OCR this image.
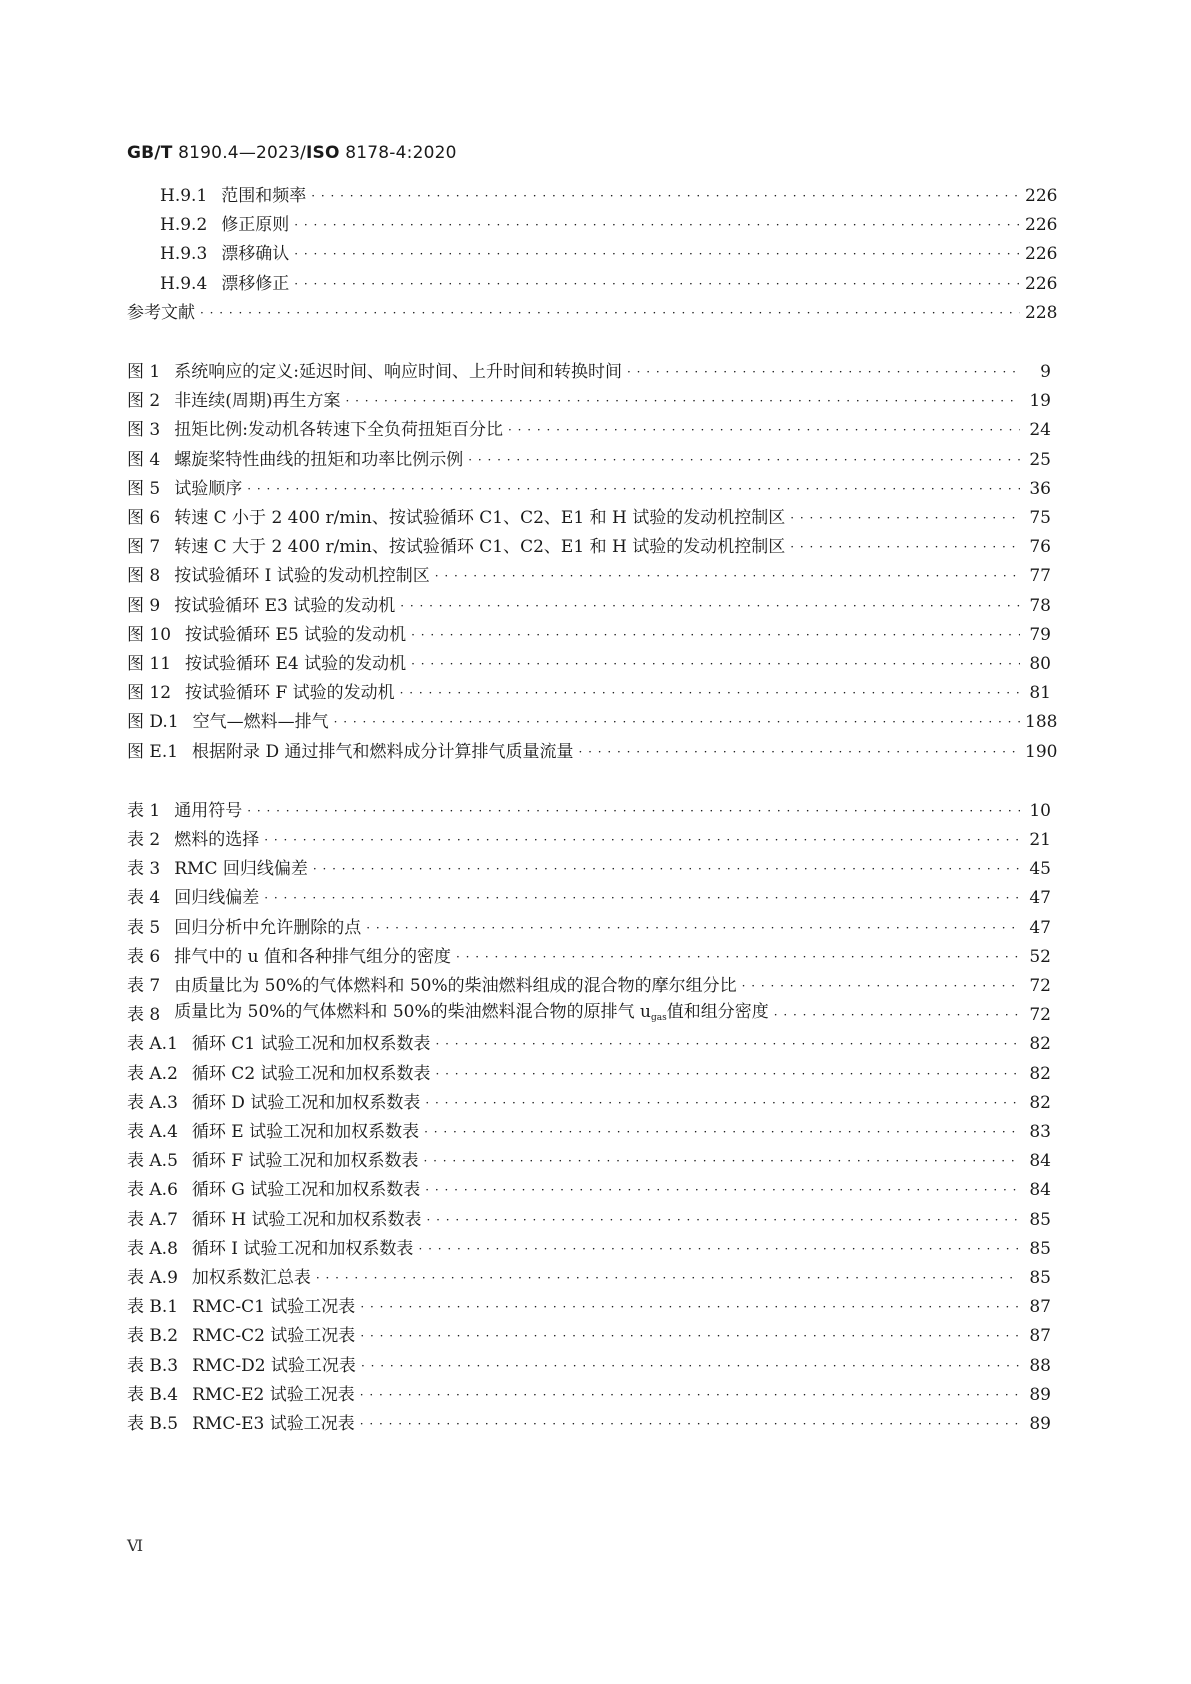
GB/T 8190.4—2023/ISO 8178-4:2020
H.9.1 范围和频率 · · ·	226
H.9.2 修正原则 · · ·	226
H.9.3 漂移确认 · · ·	226
H.9.4 漂移修正 · · ·	226
参考文献 · · ·	228
图 1 系统响应的定义:延迟时间、响应时间、上升时间和转换时间 · · ·	9
图 2 非连续(周期)再生方案 · · ·	19
图 3 扭矩比例:发动机各转速下全负荷扭矩百分比 · · ·	24
图 4 螺旋桨特性曲线的扭矩和功率比例示例 · · ·	25
图 5 试验顺序 · · ·	36
图 6 转速 C 小于 2 400 r/min、按试验循环 C1、C2、E1 和 H 试验的发动机控制区 · · ·	75
图 7 转速 C 大于 2 400 r/min、按试验循环 C1、C2、E1 和 H 试验的发动机控制区 · · ·	76
图 8 按试验循环 I 试验的发动机控制区 · · ·	77
图 9 按试验循环 E3 试验的发动机 · · ·	78
图 10 按试验循环 E5 试验的发动机 · · ·	79
图 11 按试验循环 E4 试验的发动机 · · ·	80
图 12 按试验循环 F 试验的发动机 · · ·	81
图 D.1 空气—燃料—排气 · · ·	188
图 E.1 根据附录 D 通过排气和燃料成分计算排气质量流量 · · ·	190
表 1 通用符号 · · ·	10
表 2 燃料的选择 · · ·	21
表 3 RMC 回归线偏差 · · ·	45
表 4 回归线偏差 · · ·	47
表 5 回归分析中允许删除的点 · · ·	47
表 6 排气中的 u 值和各种排气组分的密度 · · ·	52
表 7 由质量比为 50%的气体燃料和 50%的柴油燃料组成的混合物的摩尔组分比 · · ·	72
表 8 质量比为 50%的气体燃料和 50%的柴油燃料混合物的原排气 $u_{gas}$值和组分密度 · · ·	72
表 A.1 循环 C1 试验工况和加权系数表 · · ·	82
表 A.2 循环 C2 试验工况和加权系数表 · · ·	82
表 A.3 循环 D 试验工况和加权系数表 · · ·	82
表 A.4 循环 E 试验工况和加权系数表 · · ·	83
表 A.5 循环 F 试验工况和加权系数表 · · ·	84
表 A.6 循环 G 试验工况和加权系数表 · · ·	84
表 A.7 循环 H 试验工况和加权系数表 · · ·	85
表 A.8 循环 I 试验工况和加权系数表 · · ·	85
表 A.9 加权系数汇总表 · · ·	85
表 B.1 RMC-C1 试验工况表 · · ·	87
表 B.2 RMC-C2 试验工况表 · · ·	87
表 B.3 RMC-D2 试验工况表 · · ·	88
表 B.4 RMC-E2 试验工况表 · · ·	89
表 B.5 RMC-E3 试验工况表 · · ·	89
Ⅵ
